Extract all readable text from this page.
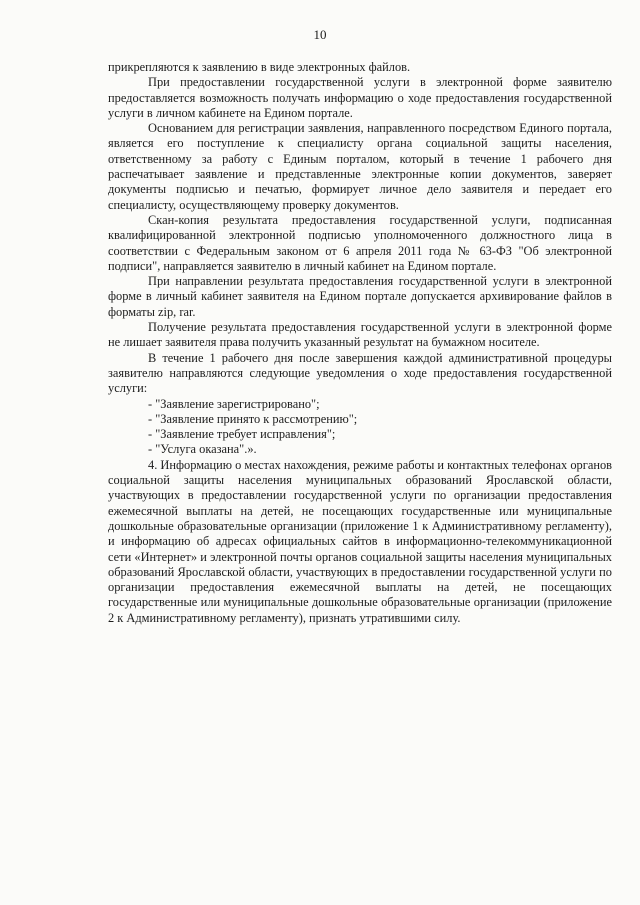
10

прикрепляются к заявлению в виде электронных файлов.

При предоставлении государственной услуги в электронной форме заявителю предоставляется возможность получать информацию о ходе предоставления государственной услуги в личном кабинете на Едином портале.

Основанием для регистрации заявления, направленного посредством Единого портала, является его поступление к специалисту органа социальной защиты населения, ответственному за работу с Единым порталом, который в течение 1 рабочего дня распечатывает заявление и представленные электронные копии документов, заверяет документы подписью и печатью, формирует личное дело заявителя и передает его специалисту, осуществляющему проверку документов.

Скан-копия результата предоставления государственной услуги, подписанная квалифицированной электронной подписью уполномоченного должностного лица в соответствии с Федеральным законом от 6 апреля 2011 года № 63-ФЗ "Об электронной подписи", направляется заявителю в личный кабинет на Едином портале.

При направлении результата предоставления государственной услуги в электронной форме в личный кабинет заявителя на Едином портале допускается архивирование файлов в форматы zip, rar.

Получение результата предоставления государственной услуги в электронной форме не лишает заявителя права получить указанный результат на бумажном носителе.

В течение 1 рабочего дня после завершения каждой административной процедуры заявителю направляются следующие уведомления о ходе предоставления государственной услуги:

- "Заявление зарегистрировано";
- "Заявление принято к рассмотрению";
- "Заявление требует исправления";
- "Услуга оказана".».

4. Информацию о местах нахождения, режиме работы и контактных телефонах органов социальной защиты населения муниципальных образований Ярославской области, участвующих в предоставлении государственной услуги по организации предоставления ежемесячной выплаты на детей, не посещающих государственные или муниципальные дошкольные образовательные организации (приложение 1 к Административному регламенту), и информацию об адресах официальных сайтов в информационно-телекоммуникационной сети «Интернет» и электронной почты органов социальной защиты населения муниципальных образований Ярославской области, участвующих в предоставлении государственной услуги по организации предоставления ежемесячной выплаты на детей, не посещающих государственные или муниципальные дошкольные образовательные организации (приложение 2 к Административному регламенту), признать утратившими силу.
